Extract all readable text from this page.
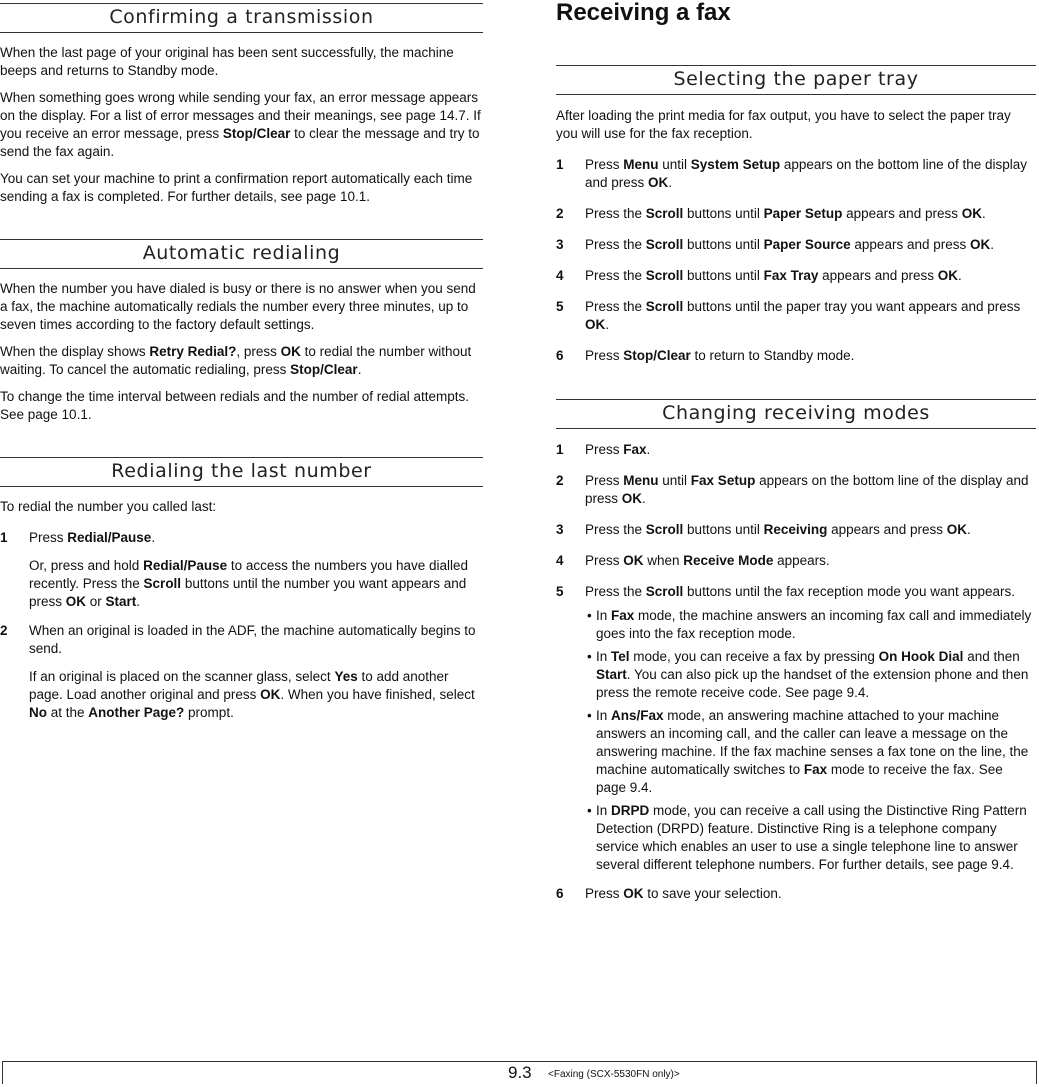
Confirming a transmission

When the last page of your original has been sent successfully, the machine beeps and returns to Standby mode.

When something goes wrong while sending your fax, an error message appears on the display. For a list of error messages and their meanings, see page 14.7. If you receive an error message, press Stop/Clear to clear the message and try to send the fax again.

You can set your machine to print a confirmation report automatically each time sending a fax is completed. For further details, see page 10.1.

Automatic redialing

When the number you have dialed is busy or there is no answer when you send a fax, the machine automatically redials the number every three minutes, up to seven times according to the factory default settings.

When the display shows Retry Redial?, press OK to redial the number without waiting. To cancel the automatic redialing, press Stop/Clear.

To change the time interval between redials and the number of redial attempts. See page 10.1.

Redialing the last number

To redial the number you called last:

1	Press Redial/Pause.
Or, press and hold Redial/Pause to access the numbers you have dialled recently. Press the Scroll buttons until the number you want appears and press OK or Start.
2	When an original is loaded in the ADF, the machine automatically begins to send.
If an original is placed on the scanner glass, select Yes to add another page. Load another original and press OK. When you have finished, select No at the Another Page? prompt.
Receiving a fax
Selecting the paper tray

After loading the print media for fax output, you have to select the paper tray you will use for the fax reception.

1	Press Menu until System Setup appears on the bottom line of the display and press OK.
2	Press the Scroll buttons until Paper Setup appears and press OK.
3	Press the Scroll buttons until Paper Source appears and press OK.
4	Press the Scroll buttons until Fax Tray appears and press OK.
5	Press the Scroll buttons until the paper tray you want appears and press OK.
6	Press Stop/Clear to return to Standby mode.
Changing receiving modes
1	Press Fax.
2	Press Menu until Fax Setup appears on the bottom line of the display and press OK.
3	Press the Scroll buttons until Receiving appears and press OK.
4	Press OK when Receive Mode appears.
5	Press the Scroll buttons until the fax reception mode you want appears.
• In Fax mode, the machine answers an incoming fax call and immediately goes into the fax reception mode.
• In Tel mode, you can receive a fax by pressing On Hook Dial and then Start. You can also pick up the handset of the extension phone and then press the remote receive code. See page 9.4.
• In Ans/Fax mode, an answering machine attached to your machine answers an incoming call, and the caller can leave a message on the answering machine. If the fax machine senses a fax tone on the line, the machine automatically switches to Fax mode to receive the fax. See page 9.4.
• In DRPD mode, you can receive a call using the Distinctive Ring Pattern Detection (DRPD) feature. Distinctive Ring is a telephone company service which enables an user to use a single telephone line to answer several different telephone numbers. For further details, see page 9.4.
6	Press OK to save your selection.
9.3 <Faxing (SCX-5530FN only)>
